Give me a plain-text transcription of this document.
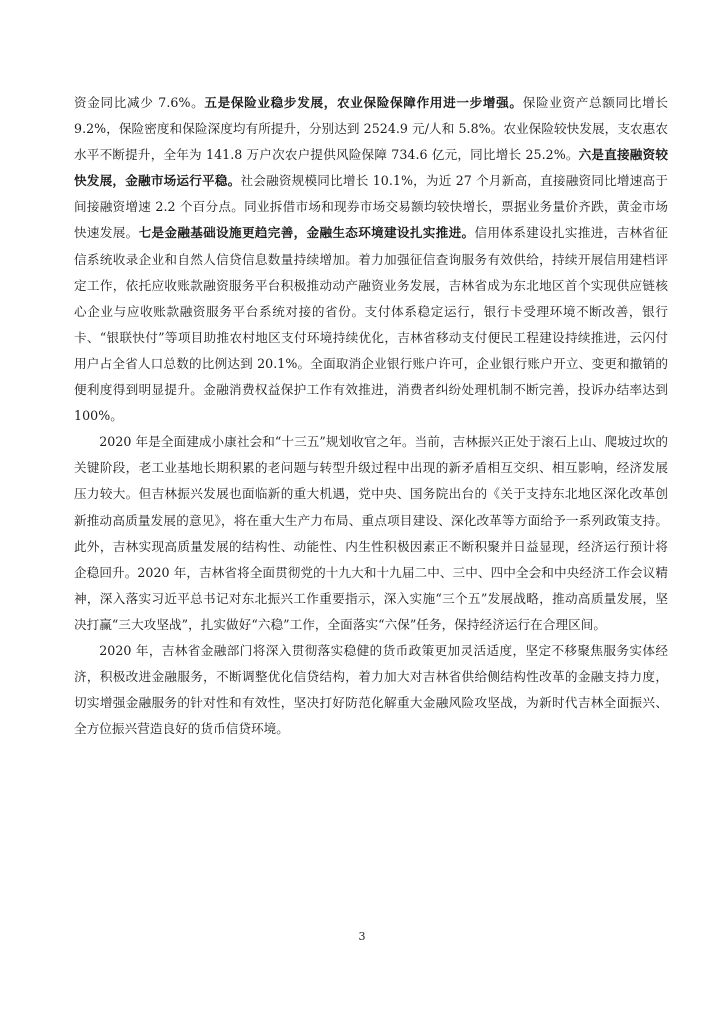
资金同比减少 7.6%。五是保险业稳步发展，农业保险保障作用进一步增强。保险业资产总额同比增长 9.2%，保险密度和保险深度均有所提升，分别达到 2524.9 元/人和 5.8%。农业保险较快发展，支农惠农水平不断提升，全年为 141.8 万户次农户提供风险保障 734.6 亿元，同比增长 25.2%。六是直接融资较快发展，金融市场运行平稳。社会融资规模同比增长 10.1%，为近 27 个月新高，直接融资同比增速高于间接融资增速 2.2 个百分点。同业拆借市场和现券市场交易额均较快增长，票据业务量价齐跌，黄金市场快速发展。七是金融基础设施更趋完善，金融生态环境建设扎实推进。信用体系建设扎实推进，吉林省征信系统收录企业和自然人信贷信息数量持续增加。着力加强征信查询服务有效供给，持续开展信用建档评定工作，依托应收账款融资服务平台积极推动动产融资业务发展，吉林省成为东北地区首个实现供应链核心企业与应收账款融资服务平台系统对接的省份。支付体系稳定运行，银行卡受理环境不断改善，银行卡、“银联快付”等项目助推农村地区支付环境持续优化，吉林省移动支付便民工程建设持续推进，云闪付用户占全省人口总数的比例达到 20.1%。全面取消企业银行账户许可，企业银行账户开立、变更和撤销的便利度得到明显提升。金融消费权益保护工作有效推进，消费者纠纷处理机制不断完善，投诉办结率达到 100%。

2020 年是全面建成小康社会和“十三五”规划收官之年。当前，吉林振兴正处于滚石上山、爬坡过坎的关键阶段，老工业基地长期积累的老问题与转型升级过程中出现的新矛盾相互交织、相互影响，经济发展压力较大。但吉林振兴发展也面临新的重大机遇，党中央、国务院出台的《关于支持东北地区深化改革创新推动高质量发展的意见》，将在重大生产力布局、重点项目建设、深化改革等方面给予一系列政策支持。此外，吉林实现高质量发展的结构性、动能性、内生性积极因素正不断积聚并日益显现，经济运行预计将企稳回升。2020 年，吉林省将全面贯彻党的十九大和十九届二中、三中、四中全会和中央经济工作会议精神，深入落实习近平总书记对东北振兴工作重要指示，深入实施“三个五”发展战略，推动高质量发展，坚决打赢“三大攻坚战”，扎实做好“六稳”工作，全面落实“六保”任务，保持经济运行在合理区间。

2020 年，吉林省金融部门将深入贯彻落实稳健的货币政策更加灵活适度，坚定不移聚焦服务实体经济，积极改进金融服务，不断调整优化信贷结构，着力加大对吉林省供给侧结构性改革的金融支持力度，切实增强金融服务的针对性和有效性，坚决打好防范化解重大金融风险攻坚战，为新时代吉林全面振兴、全方位振兴营造良好的货币信贷环境。

3
